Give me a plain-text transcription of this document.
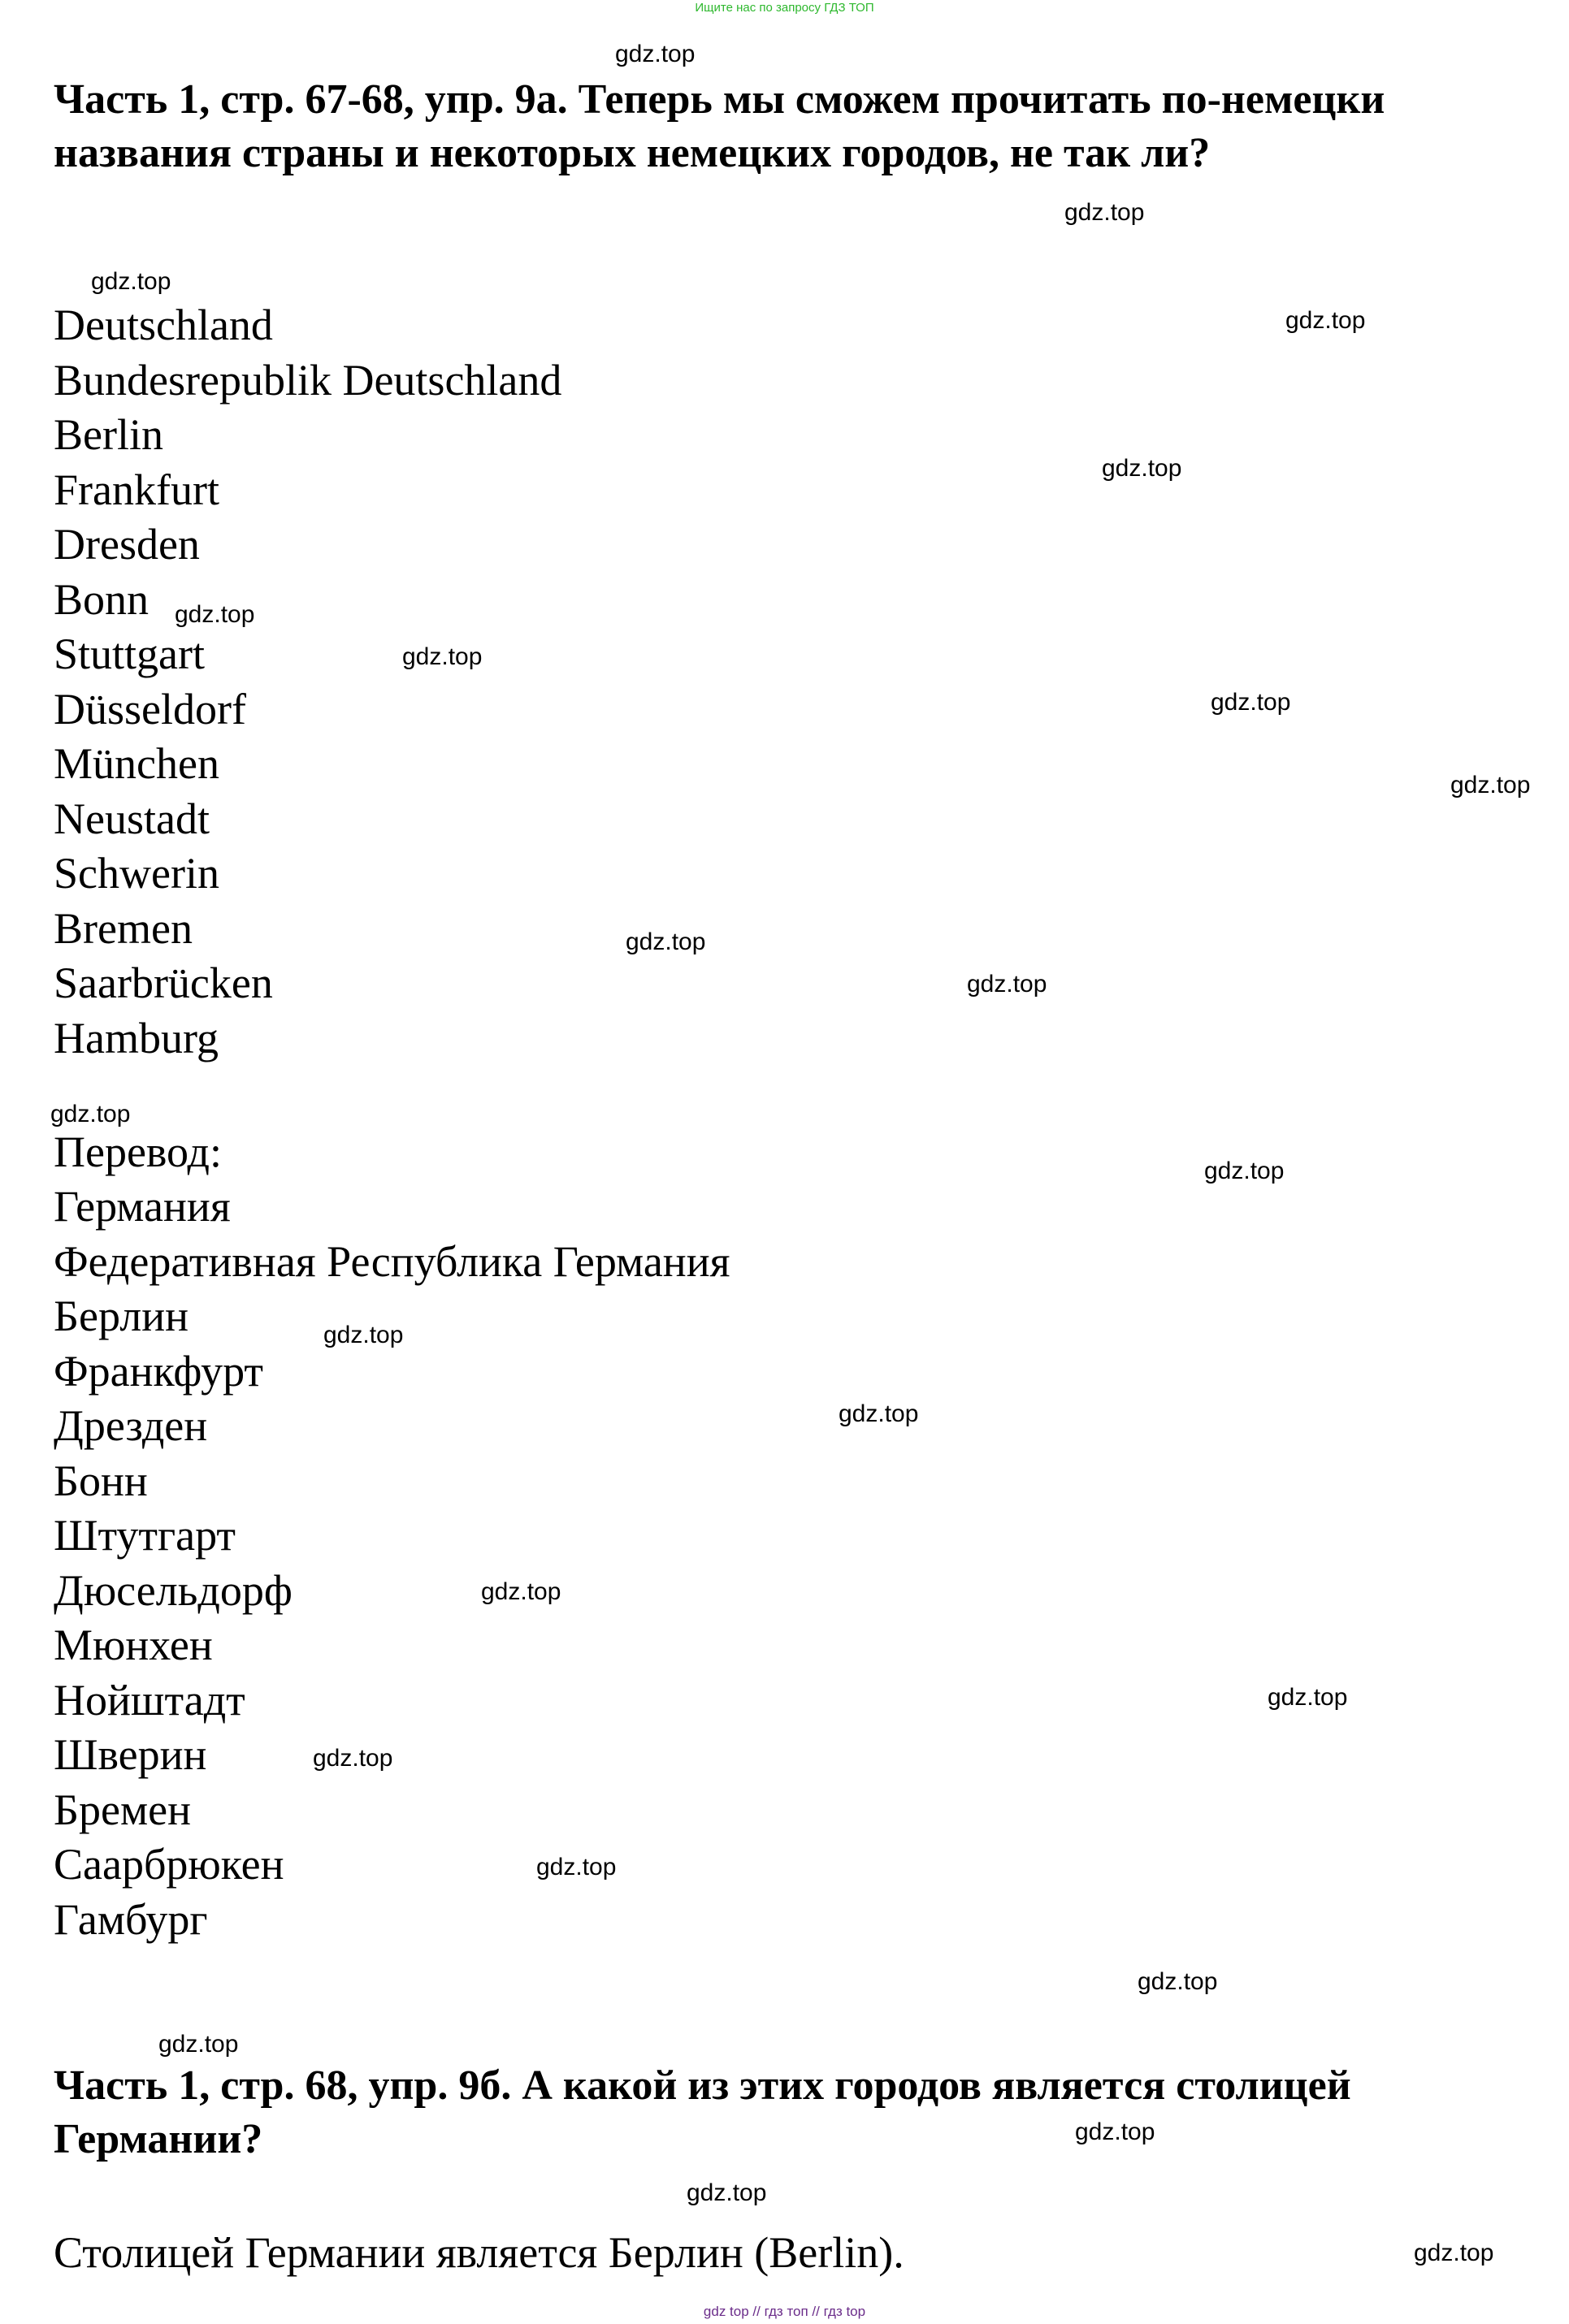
Ищите нас по запросу ГДЗ ТОП
Часть 1, стр. 67-68, упр. 9а. Теперь мы сможем прочитать по-немецки названия страны и некоторых немецких городов, не так ли?
Deutschland
Bundesrepublik Deutschland
Berlin
Frankfurt
Dresden
Bonn
Stuttgart
Düsseldorf
München
Neustadt
Schwerin
Bremen
Saarbrücken
Hamburg
Перевод:
Германия
Федеративная Республика Германия
Берлин
Франкфурт
Дрезден
Бонн
Штутгарт
Дюсельдорф
Мюнхен
Нойштадт
Шверин
Бремен
Саарбрюкен
Гамбург
Часть 1, стр. 68, упр. 9б. А какой из этих городов является столицей Германии?
Столицей Германии является Берлин (Berlin).
gdz.top
gdz.top
gdz.top
gdz.top
gdz.top
gdz.top
gdz.top
gdz.top
gdz.top
gdz.top
gdz.top
gdz.top
gdz.top
gdz.top
gdz.top
gdz.top
gdz.top
gdz.top
gdz.top
gdz.top
gdz.top
gdz.top
gdz.top
gdz.top
gdz top // гдз топ // гдз top
